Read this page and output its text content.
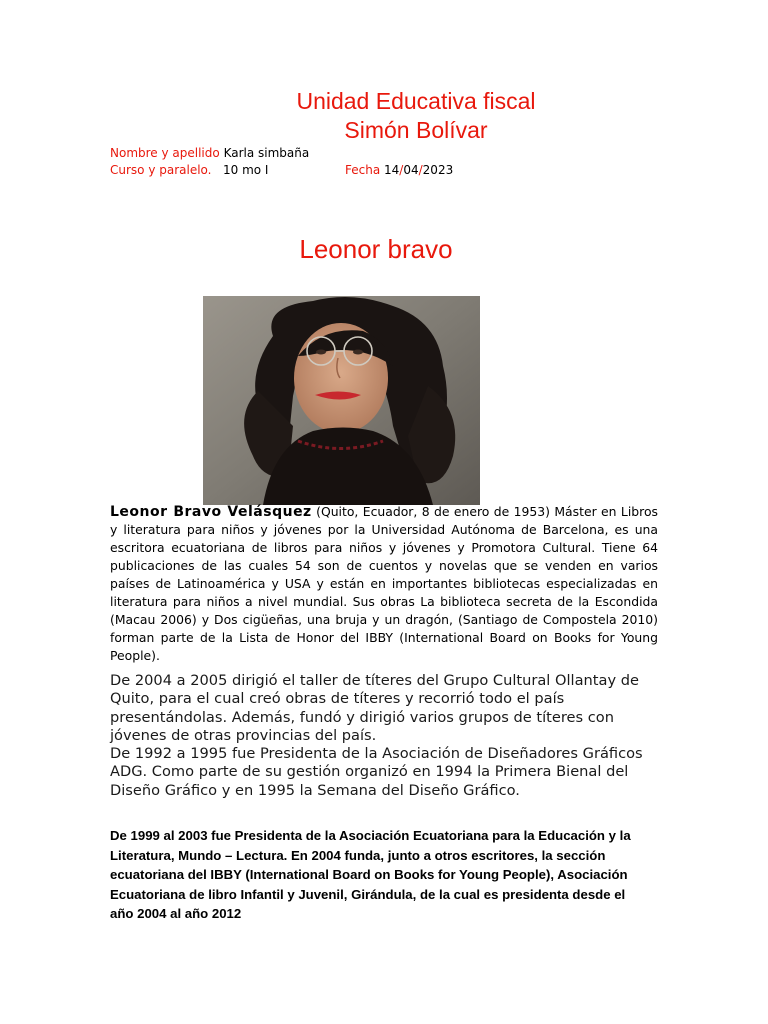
Unidad Educativa fiscal
Simón Bolívar
Nombre y apellido Karla simbaña
Curso y paralelo. 10 mo I	Fecha 14/04/2023
Leonor bravo

Leonor Bravo Velásquez (Quito, Ecuador, 8 de enero de 1953) Máster en Libros y literatura para niños y jóvenes por la Universidad Autónoma de Barcelona, es una escritora ecuatoriana de libros para niños y jóvenes y Promotora Cultural. Tiene 64 publicaciones de las cuales 54 son de cuentos y novelas que se venden en varios países de Latinoamérica y USA y están en importantes bibliotecas especializadas en literatura para niños a nivel mundial. Sus obras La biblioteca secreta de la Escondida (Macau 2006) y Dos cigüeñas, una bruja y un dragón, (Santiago de Compostela 2010) forman parte de la Lista de Honor del IBBY (International Board on Books for Young People).

De 2004 a 2005 dirigió el taller de títeres del Grupo Cultural Ollantay de Quito, para el cual creó obras de títeres y recorrió todo el país presentándolas. Además, fundó y dirigió varios grupos de títeres con jóvenes de otras provincias del país.
De 1992 a 1995 fue Presidenta de la Asociación de Diseñadores Gráficos ADG. Como parte de su gestión organizó en 1994 la Primera Bienal del Diseño Gráfico y en 1995 la Semana del Diseño Gráfico.

De 1999 al 2003 fue Presidenta de la Asociación Ecuatoriana para la Educación y la Literatura, Mundo – Lectura. En 2004 funda, junto a otros escritores, la sección ecuatoriana del IBBY (International Board on Books for Young People), Asociación Ecuatoriana de libro Infantil y Juvenil, Girándula, de la cual es presidenta desde el año 2004 al año 2012
